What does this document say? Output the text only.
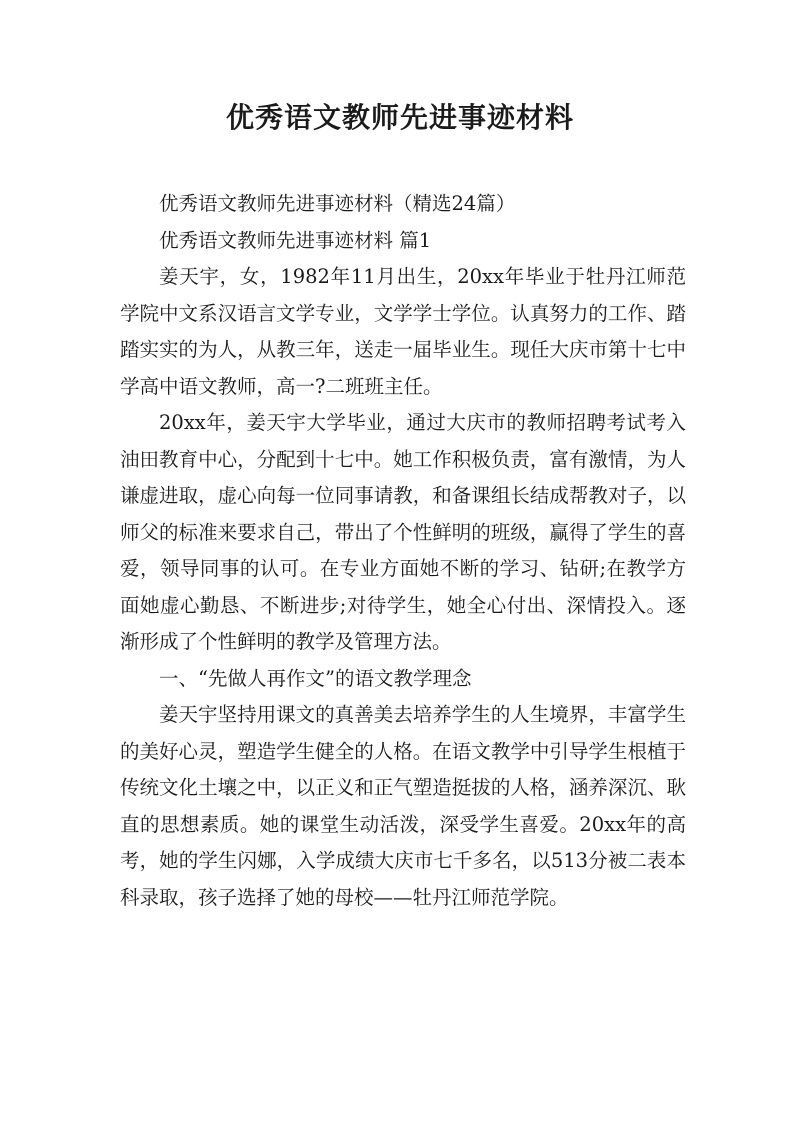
优秀语文教师先进事迹材料

优秀语文教师先进事迹材料（精选24篇）

优秀语文教师先进事迹材料 篇1

姜天宇，女，1982年11月出生，20xx年毕业于牡丹江师范学院中文系汉语言文学专业，文学学士学位。认真努力的工作、踏踏实实的为人，从教三年，送走一届毕业生。现任大庆市第十七中学高中语文教师，高一?二班班主任。

20xx年，姜天宇大学毕业，通过大庆市的教师招聘考试考入油田教育中心，分配到十七中。她工作积极负责，富有激情，为人谦虚进取，虚心向每一位同事请教，和备课组长结成帮教对子，以师父的标准来要求自己，带出了个性鲜明的班级，赢得了学生的喜爱，领导同事的认可。在专业方面她不断的学习、钻研;在教学方面她虚心勤恳、不断进步;对待学生，她全心付出、深情投入。逐渐形成了个性鲜明的教学及管理方法。

一、“先做人再作文”的语文教学理念

姜天宇坚持用课文的真善美去培养学生的人生境界，丰富学生的美好心灵，塑造学生健全的人格。在语文教学中引导学生根植于传统文化土壤之中，以正义和正气塑造挺拔的人格，涵养深沉、耿直的思想素质。她的课堂生动活泼，深受学生喜爱。20xx年的高考，她的学生闪娜，入学成绩大庆市七千多名，以513分被二表本科录取，孩子选择了她的母校——牡丹江师范学院。
